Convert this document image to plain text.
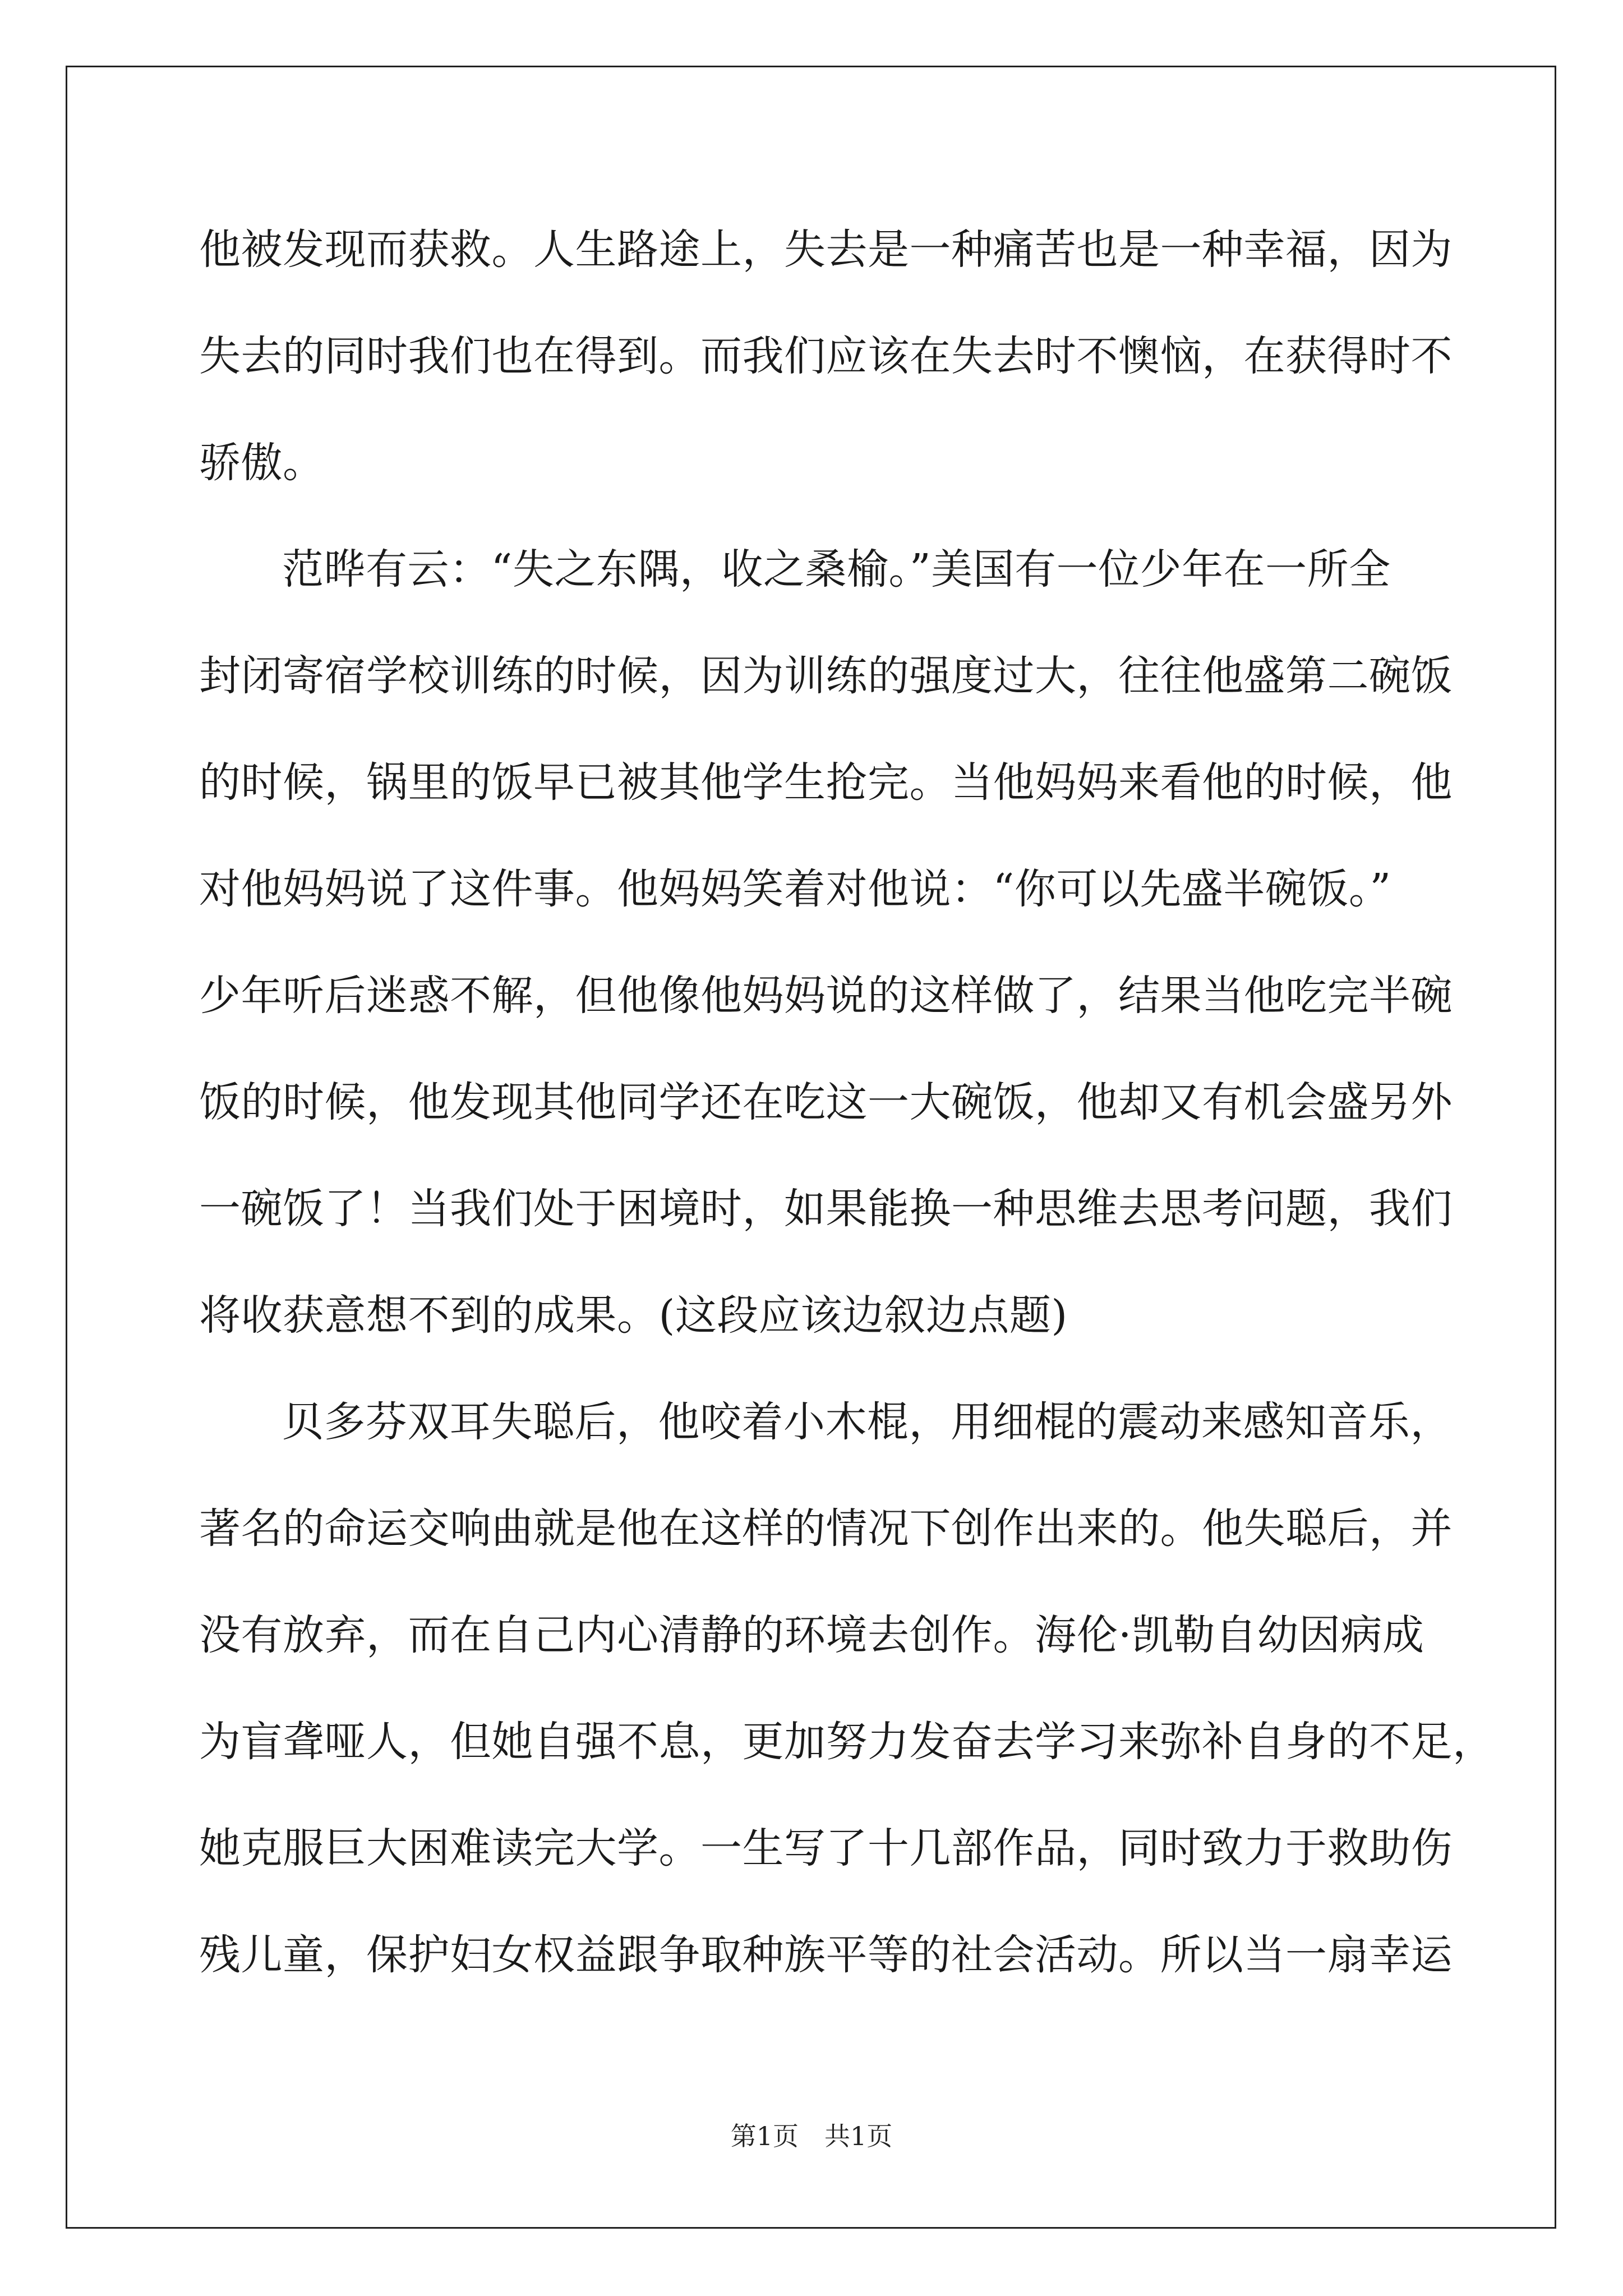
他被发现而获救。人生路途上，失去是一种痛苦也是一种幸福，因为
失去的同时我们也在得到。而我们应该在失去时不懊恼，在获得时不
骄傲。
范晔有云：“失之东隅，收之桑榆。”美国有一位少年在一所全
封闭寄宿学校训练的时候，因为训练的强度过大，往往他盛第二碗饭
的时候，锅里的饭早已被其他学生抢完。当他妈妈来看他的时候，他
对他妈妈说了这件事。他妈妈笑着对他说：“你可以先盛半碗饭。”
少年听后迷惑不解，但他像他妈妈说的这样做了，结果当他吃完半碗
饭的时候，他发现其他同学还在吃这一大碗饭，他却又有机会盛另外
一碗饭了！当我们处于困境时，如果能换一种思维去思考问题，我们
将收获意想不到的成果。(这段应该边叙边点题)
贝多芬双耳失聪后，他咬着小木棍，用细棍的震动来感知音乐，
著名的命运交响曲就是他在这样的情况下创作出来的。他失聪后，并
没有放弃，而在自己内心清静的环境去创作。海伦·凯勒自幼因病成
为盲聋哑人，但她自强不息，更加努力发奋去学习来弥补自身的不足，
她克服巨大困难读完大学。一生写了十几部作品，同时致力于救助伤
残儿童，保护妇女权益跟争取种族平等的社会活动。所以当一扇幸运
第1页 共1页
